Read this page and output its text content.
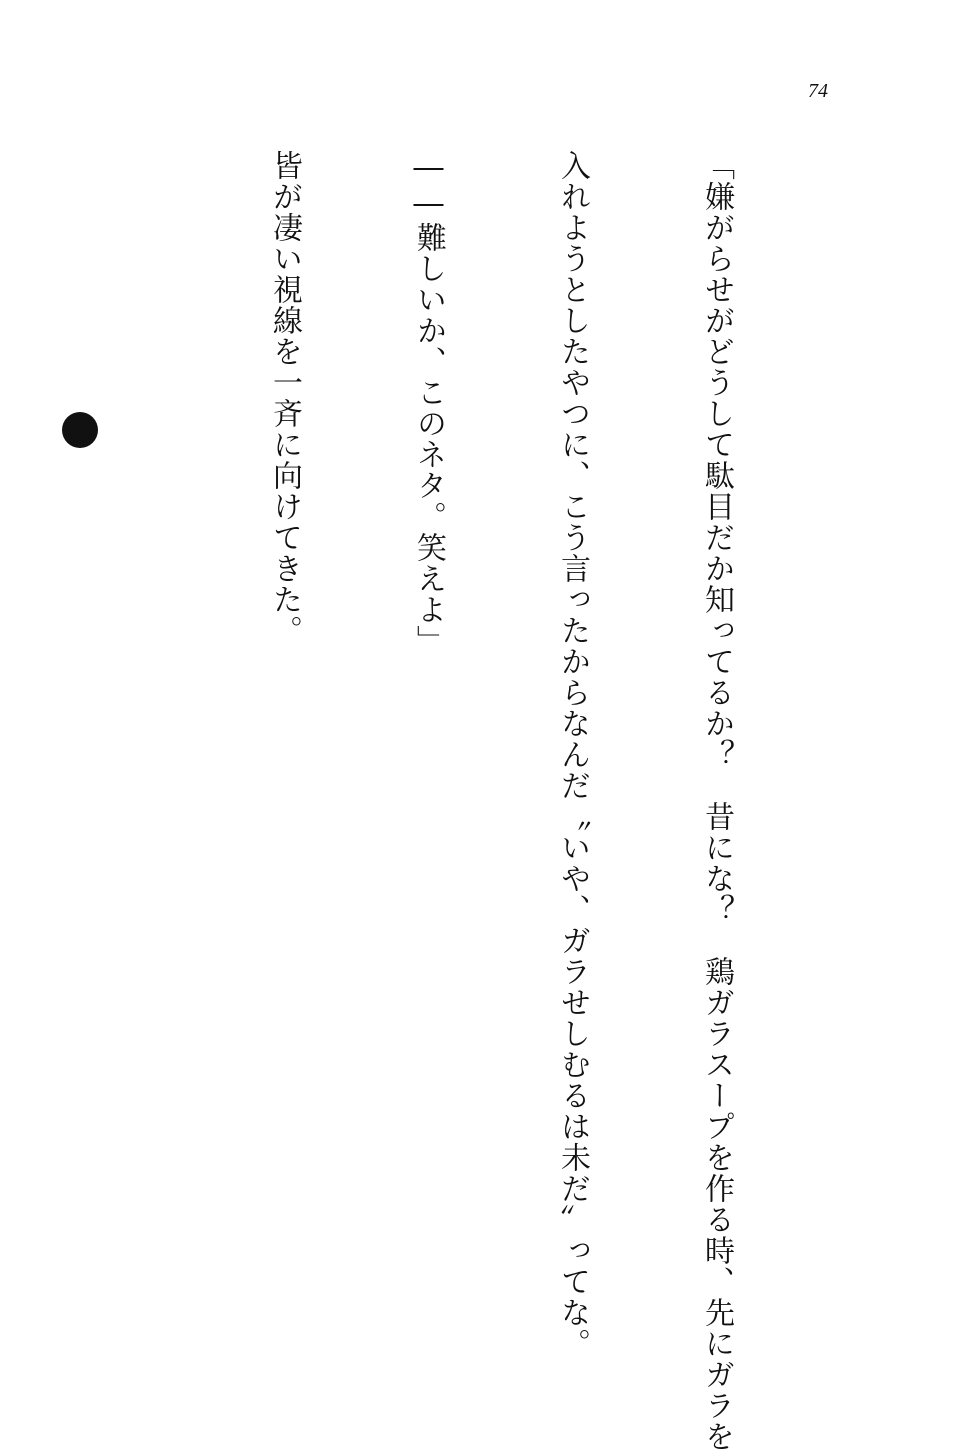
74

「嫌がらせがどうして駄目だか知ってるか？　昔にな？　鶏ガラスープを作る時、先にガラを

入れようとしたやつに、こう言ったからなんだ〝いや、ガラせしむるは未だ〟ってな。

――難しいか、このネタ。笑えよ」

皆が凄い視線を一斉に向けてきた。
